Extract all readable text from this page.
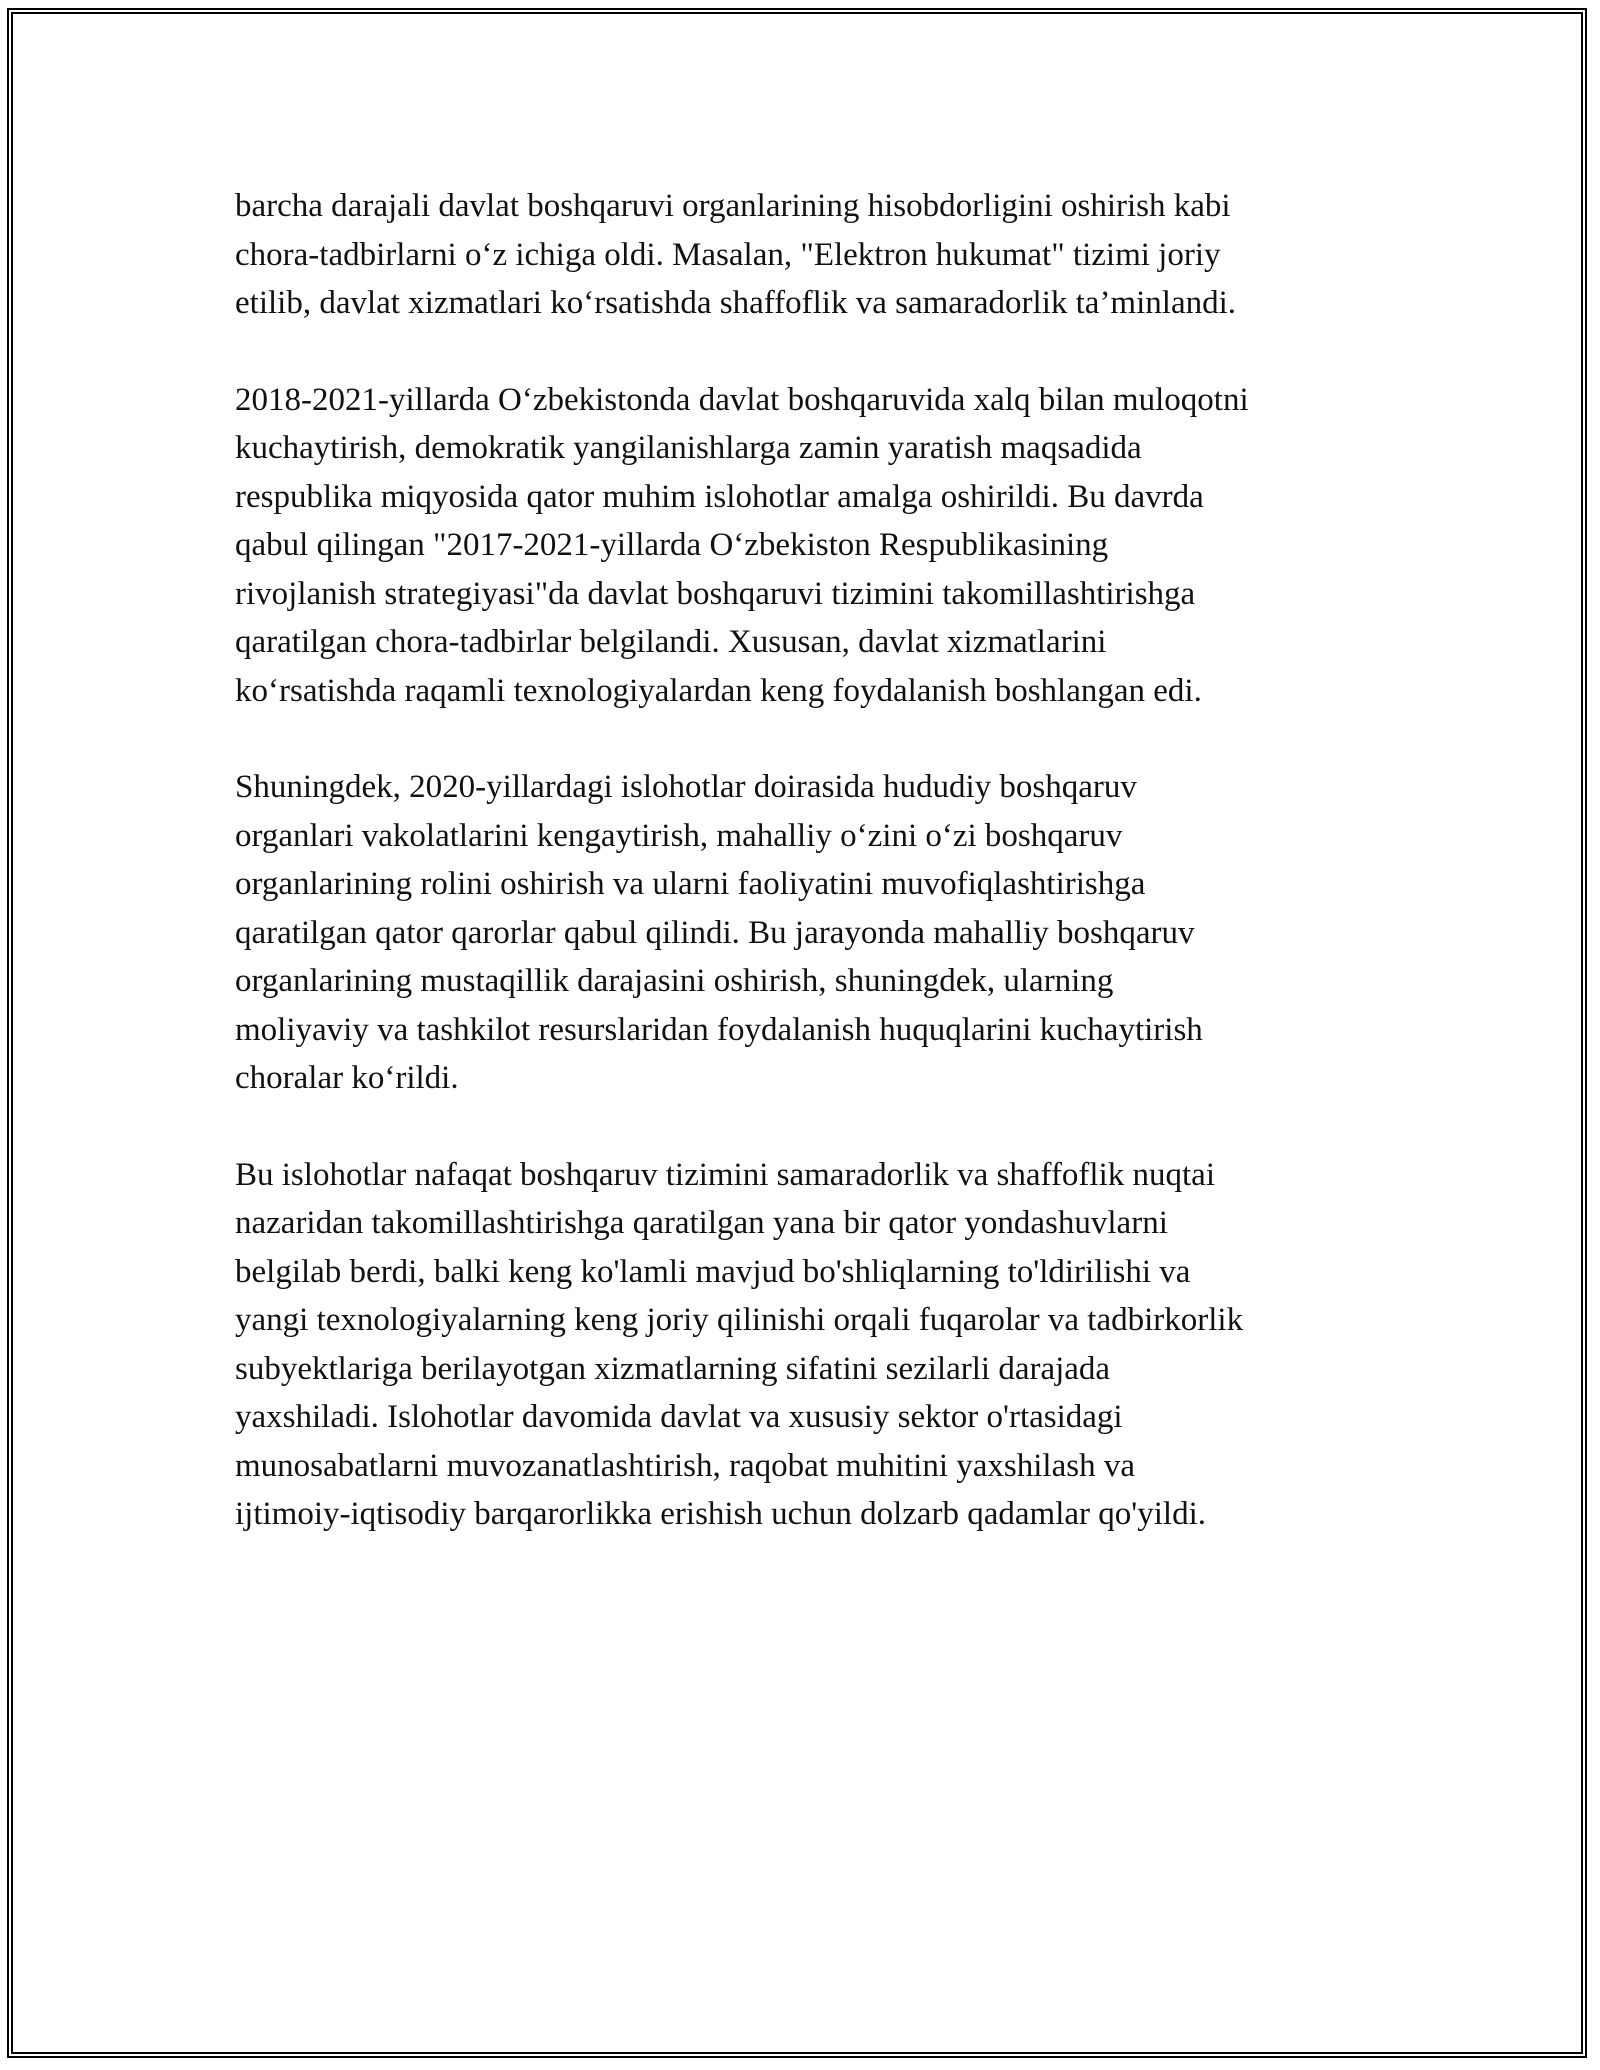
barcha darajali davlat boshqaruvi organlarining hisobdorligini oshirish kabi
chora-tadbirlarni o‘z ichiga oldi. Masalan, "Elektron hukumat" tizimi joriy
etilib, davlat xizmatlari ko‘rsatishda shaffoflik va samaradorlik ta’minlandi.

2018-2021-yillarda O‘zbekistonda davlat boshqaruvida xalq bilan muloqotni
kuchaytirish, demokratik yangilanishlarga zamin yaratish maqsadida
respublika miqyosida qator muhim islohotlar amalga oshirildi. Bu davrda
qabul qilingan "2017-2021-yillarda O‘zbekiston Respublikasining
rivojlanish strategiyasi"da davlat boshqaruvi tizimini takomillashtirishga
qaratilgan chora-tadbirlar belgilandi. Xususan, davlat xizmatlarini
ko‘rsatishda raqamli texnologiyalardan keng foydalanish boshlangan edi.

Shuningdek, 2020-yillardagi islohotlar doirasida hududiy boshqaruv
organlari vakolatlarini kengaytirish, mahalliy o‘zini o‘zi boshqaruv
organlarining rolini oshirish va ularni faoliyatini muvofiqlashtirishga
qaratilgan qator qarorlar qabul qilindi. Bu jarayonda mahalliy boshqaruv
organlarining mustaqillik darajasini oshirish, shuningdek, ularning
moliyaviy va tashkilot resurslaridan foydalanish huquqlarini kuchaytirish
choralar ko‘rildi.

Bu islohotlar nafaqat boshqaruv tizimini samaradorlik va shaffoflik nuqtai
nazaridan takomillashtirishga qaratilgan yana bir qator yondashuvlarni
belgilab berdi, balki keng ko'lamli mavjud bo'shliqlarning to'ldirilishi va
yangi texnologiyalarning keng joriy qilinishi orqali fuqarolar va tadbirkorlik
subyektlariga berilayotgan xizmatlarning sifatini sezilarli darajada
yaxshiladi. Islohotlar davomida davlat va xususiy sektor o'rtasidagi
munosabatlarni muvozanatlashtirish, raqobat muhitini yaxshilash va
ijtimoiy-iqtisodiy barqarorlikka erishish uchun dolzarb qadamlar qo'yildi.
